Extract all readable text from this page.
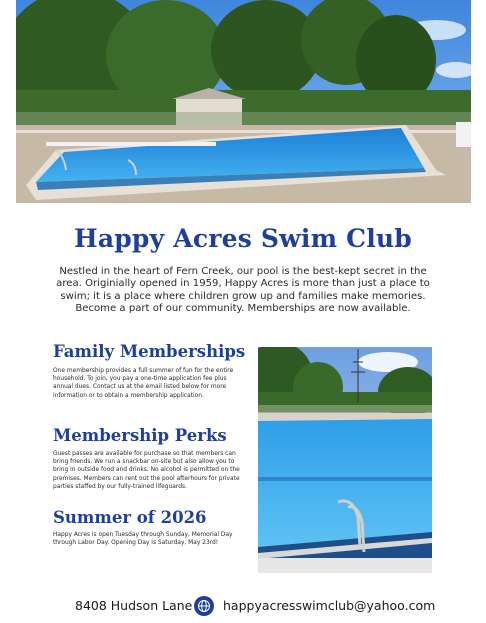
Happy Acres Swim Club
Nestled in the heart of Fern Creek, our pool is the best-kept secret in the area. Originially opened in 1959, Happy Acres is more than just a place to swim; it is a place where children grow up and families make memories. Become a part of our community. Memberships are now available.
Family Memberships
One membership provides a full summer of fun for the entire household. To join, you pay a one-time application fee plus annual dues. Contact us at the email listed below for more information or to obtain a membership application.
Membership Perks
Guest passes are available for purchase so that members can bring friends. We run a snackbar on-site but also allow you to bring in outside food and drinks. No alcohol is permitted on the premises. Members can rent out the pool afterhours for private parties staffed by our fully-trained lifeguards.
Summer of 2026
Happy Acres is open Tuesday through Sunday, Memorial Day through Labor Day. Opening Day is Saturday, May 23rd!
8408 Hudson Lane happyacresswimclub@yahoo.com
